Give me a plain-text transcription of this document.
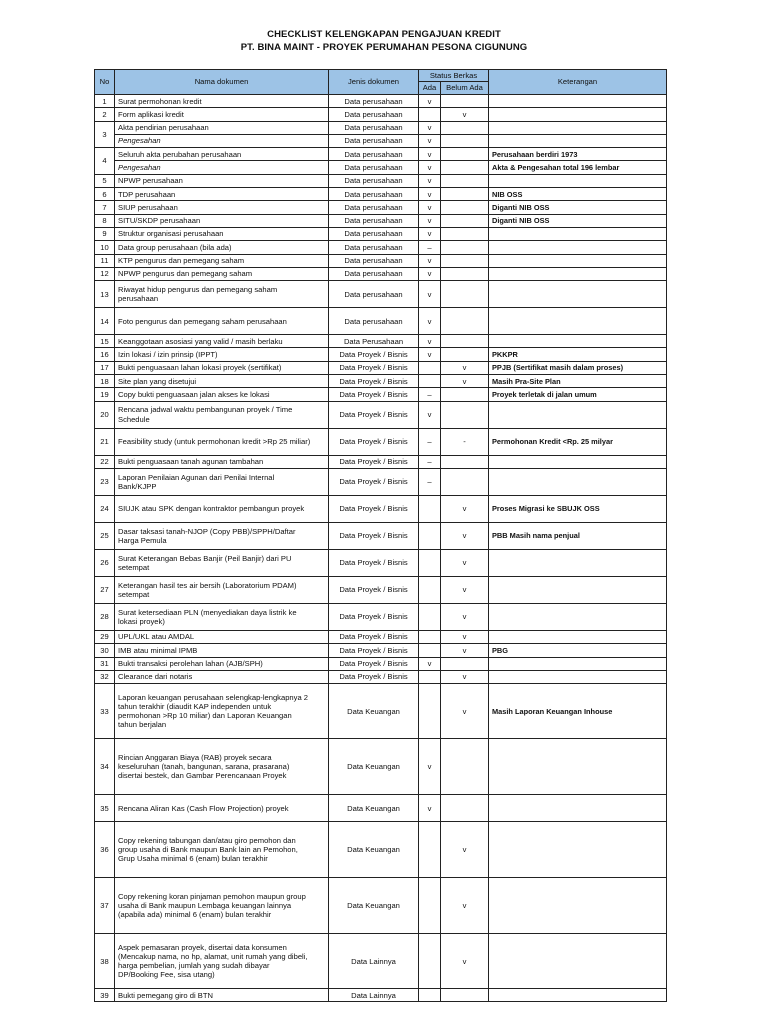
CHECKLIST KELENGKAPAN PENGAJUAN KREDIT
PT. BINA MAINT - PROYEK PERUMAHAN PESONA CIGUNUNG
No	Nama dokumen	Jenis dokumen	Status Berkas		Keterangan
			Ada	Belum Ada	
1	Surat permohonan kredit	Data perusahaan	v		
2	Form aplikasi kredit	Data perusahaan		v	
3	Akta pendirian perusahaan	Data perusahaan	v		

	Pengesahan	Data perusahaan	v		
4	Seluruh akta perubahan perusahaan	Data perusahaan	v		Perusahaan berdiri 1973

	Pengesahan	Data perusahaan	v		Akta & Pengesahan total 196 lembar
5	NPWP perusahaan	Data perusahaan	v		
6	TDP perusahaan	Data perusahaan	v		NIB OSS
7	SIUP perusahaan	Data perusahaan	v		Diganti NIB OSS
8	SITU/SKDP perusahaan	Data perusahaan	v		Diganti NIB OSS
9	Struktur organisasi perusahaan	Data perusahaan	v		
10	Data group perusahaan (bila ada)	Data perusahaan	–		
11	KTP pengurus dan pemegang saham	Data perusahaan	v		
12	NPWP pengurus dan pemegang saham	Data perusahaan	v		
13	Riwayat hidup pengurus dan pemegang saham
perusahaan	Data perusahaan	v		
14	Foto pengurus dan pemegang saham perusahaan	Data perusahaan	v		
15	Keanggotaan asosiasi yang valid / masih berlaku	Data Perusahaan	v		
16	Izin lokasi / izin prinsip (IPPT)	Data Proyek / Bisnis	v		PKKPR
17	Bukti penguasaan lahan lokasi proyek (sertifikat)	Data Proyek / Bisnis		v	PPJB (Sertifikat masih dalam proses)
18	Site plan yang disetujui	Data Proyek / Bisnis		v	Masih Pra-Site Plan
19	Copy bukti penguasaan jalan akses ke lokasi	Data Proyek / Bisnis	–		Proyek terletak di jalan umum
20	Rencana jadwal waktu pembangunan proyek / Time
Schedule	Data Proyek / Bisnis	v		
21	Feasibility study (untuk permohonan kredit >Rp 25 miliar)	Data Proyek / Bisnis	–	-	Permohonan Kredit <Rp. 25 milyar
22	Bukti penguasaan tanah agunan tambahan	Data Proyek / Bisnis	–		
23	Laporan Penilaian Agunan dari Penilai Internal
Bank/KJPP	Data Proyek / Bisnis	–		
24	SIUJK atau SPK dengan kontraktor pembangun proyek	Data Proyek / Bisnis		v	Proses Migrasi ke SBUJK OSS
25	Dasar taksasi tanah-NJOP (Copy PBB)/SPPH/Daftar
Harga Pemula	Data Proyek / Bisnis		v	PBB Masih nama penjual
26	Surat Keterangan Bebas Banjir (Peil Banjir) dari PU
setempat	Data Proyek / Bisnis		v	
27	Keterangan hasil tes air bersih (Laboratorium PDAM)
setempat	Data Proyek / Bisnis		v	
28	Surat ketersediaan PLN (menyediakan daya listrik ke
lokasi proyek)	Data Proyek / Bisnis		v	
29	UPL/UKL atau AMDAL	Data Proyek / Bisnis		v	
30	IMB atau minimal IPMB	Data Proyek / Bisnis		v	PBG
31	Bukti transaksi perolehan lahan (AJB/SPH)	Data Proyek / Bisnis	v		
32	Clearance dari notaris	Data Proyek / Bisnis		v	
33	Laporan keuangan perusahaan selengkap-lengkapnya 2
tahun terakhir (diaudit KAP independen untuk
permohonan >Rp 10 miliar) dan Laporan Keuangan
tahun berjalan	Data Keuangan		v	Masih Laporan Keuangan Inhouse
34	Rincian Anggaran Biaya (RAB) proyek secara
keseluruhan (tanah, bangunan, sarana, prasarana)
disertai bestek, dan Gambar Perencanaan Proyek	Data Keuangan	v		
35	Rencana Aliran Kas (Cash Flow Projection) proyek	Data Keuangan	v		
36	Copy rekening tabungan dan/atau giro pemohon dan
group usaha di Bank maupun Bank lain an Pemohon,
Grup Usaha minimal 6 (enam) bulan terakhir	Data Keuangan		v	
37	Copy rekening koran pinjaman pemohon maupun group
usaha di Bank maupun Lembaga keuangan lainnya
(apabila ada) minimal 6 (enam) bulan terakhir	Data Keuangan		v	
38	Aspek pemasaran proyek, disertai data konsumen
(Mencakup nama, no hp, alamat, unit rumah yang dibeli,
harga pembelian, jumlah yang sudah dibayar
DP/Booking Fee, sisa utang)	Data Lainnya		v	
39	Bukti pemegang giro di BTN	Data Lainnya			
